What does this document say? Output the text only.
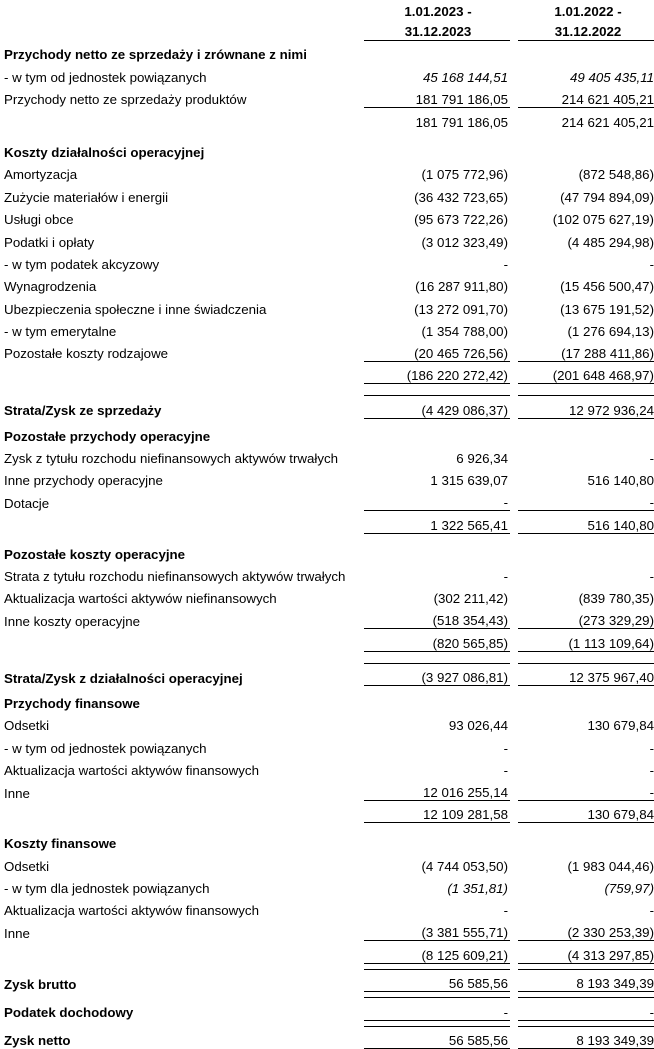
	1.01.2023 -		1.01.2022 -
	31.12.2023		31.12.2022
Przychody netto ze sprzedaży i zrównane z nimi			
- w tym od jednostek powiązanych	45 168 144,51		49 405 435,11
Przychody netto ze sprzedaży produktów	181 791 186,05		214 621 405,21
	181 791 186,05		214 621 405,21

Koszty działalności operacyjnej			
Amortyzacja	(1 075 772,96)		(872 548,86)
Zużycie materiałów i energii	(36 432 723,65)		(47 794 894,09)
Usługi obce	(95 673 722,26)		(102 075 627,19)
Podatki i opłaty	(3 012 323,49)		(4 485 294,98)
- w tym podatek akcyzowy	-		-
Wynagrodzenia	(16 287 911,80)		(15 456 500,47)
Ubezpieczenia społeczne i inne świadczenia	(13 272 091,70)		(13 675 191,52)
- w tym emerytalne	(1 354 788,00)		(1 276 694,13)
Pozostałe koszty rodzajowe	(20 465 726,56)		(17 288 411,86)
	(186 220 272,42)		(201 648 468,97)

Strata/Zysk ze sprzedaży	(4 429 086,37)		12 972 936,24

Pozostałe przychody operacyjne			
Zysk z tytułu rozchodu niefinansowych aktywów trwałych	6 926,34		-
Inne przychody operacyjne	1 315 639,07		516 140,80
Dotacje	-		-
	1 322 565,41		516 140,80

Pozostałe koszty operacyjne			
Strata z tytułu rozchodu niefinansowych aktywów trwałych	-		-
Aktualizacja wartości aktywów niefinansowych	(302 211,42)		(839 780,35)
Inne koszty operacyjne	(518 354,43)		(273 329,29)
	(820 565,85)		(1 113 109,64)

Strata/Zysk z działalności operacyjnej	(3 927 086,81)		12 375 967,40

Przychody finansowe			
Odsetki	93 026,44		130 679,84
- w tym od jednostek powiązanych	-		-
Aktualizacja wartości aktywów finansowych	-		-
Inne	12 016 255,14		-
	12 109 281,58		130 679,84

Koszty finansowe			
Odsetki	(4 744 053,50)		(1 983 044,46)
- w tym dla jednostek powiązanych	(1 351,81)		(759,97)
Aktualizacja wartości aktywów finansowych	-		-
Inne	(3 381 555,71)		(2 330 253,39)
	(8 125 609,21)		(4 313 297,85)

Zysk brutto	56 585,56		8 193 349,39

Podatek dochodowy	-		-

Zysk netto	56 585,56		8 193 349,39
